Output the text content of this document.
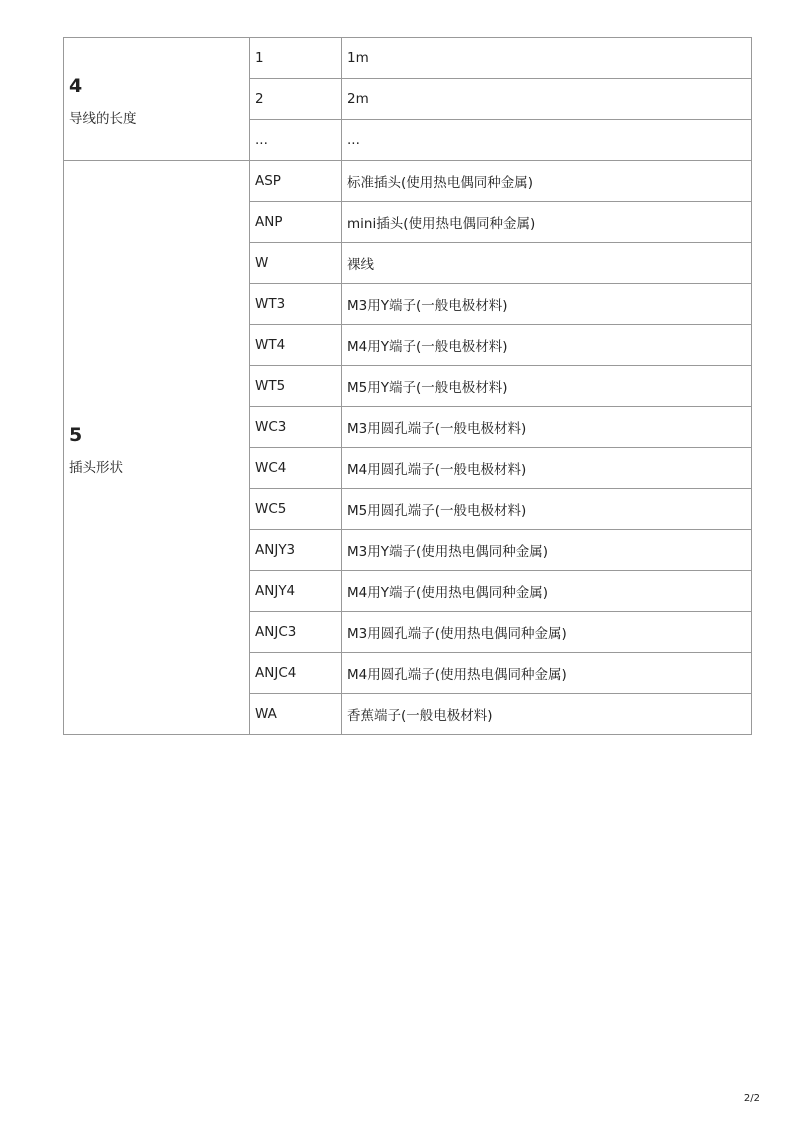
4
导线的长度	1	1m
	2	2m
	...	...

5
插头形状	ASP	标准插头(使用热电偶同种金属)
	ANP	mini插头(使用热电偶同种金属)
	W	裸线
	WT3	M3用Y端子(一般电极材料)
	WT4	M4用Y端子(一般电极材料)
	WT5	M5用Y端子(一般电极材料)
	WC3	M3用圆孔端子(一般电极材料)
	WC4	M4用圆孔端子(一般电极材料)
	WC5	M5用圆孔端子(一般电极材料)
	ANJY3	M3用Y端子(使用热电偶同种金属)
	ANJY4	M4用Y端子(使用热电偶同种金属)
	ANJC3	M3用圆孔端子(使用热电偶同种金属)
	ANJC4	M4用圆孔端子(使用热电偶同种金属)
	WA	香蕉端子(一般电极材料)
2/2
